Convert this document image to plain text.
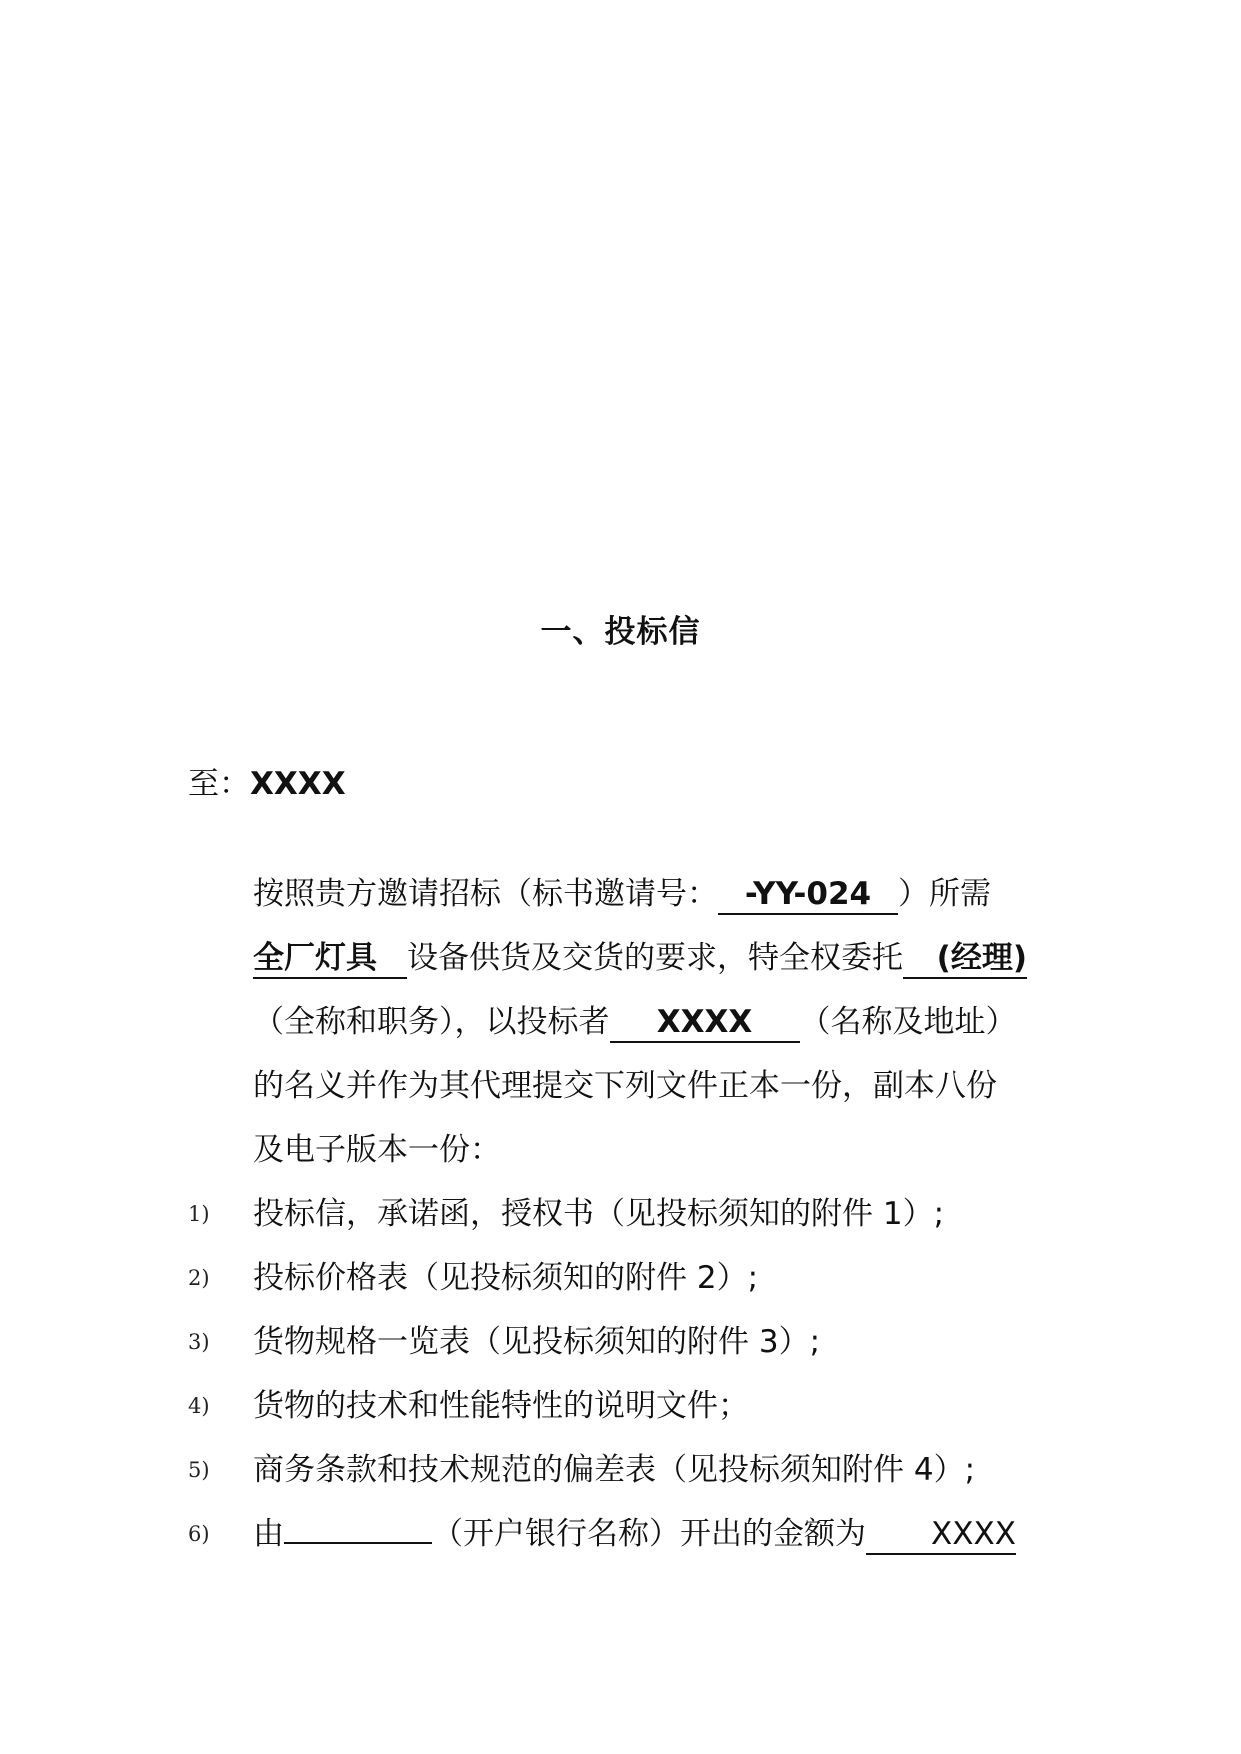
一、投标信
至：XXXX
按照贵方邀请招标（标书邀请号： -YY-024 ）所需
全厂灯具 设备供货及交货的要求，特全权委托 (经理)
（全称和职务），以投标者 XXXX （名称及地址）
的名义并作为其代理提交下列文件正本一份，副本八份
及电子版本一份：
1) 投标信，承诺函，授权书（见投标须知的附件 1）;
2) 投标价格表（见投标须知的附件 2）;
3) 货物规格一览表（见投标须知的附件 3）;
4) 货物的技术和性能特性的说明文件；
5) 商务条款和技术规范的偏差表（见投标须知附件 4）;
6) 由	（开户银行名称）开出的金额为 XXXX
